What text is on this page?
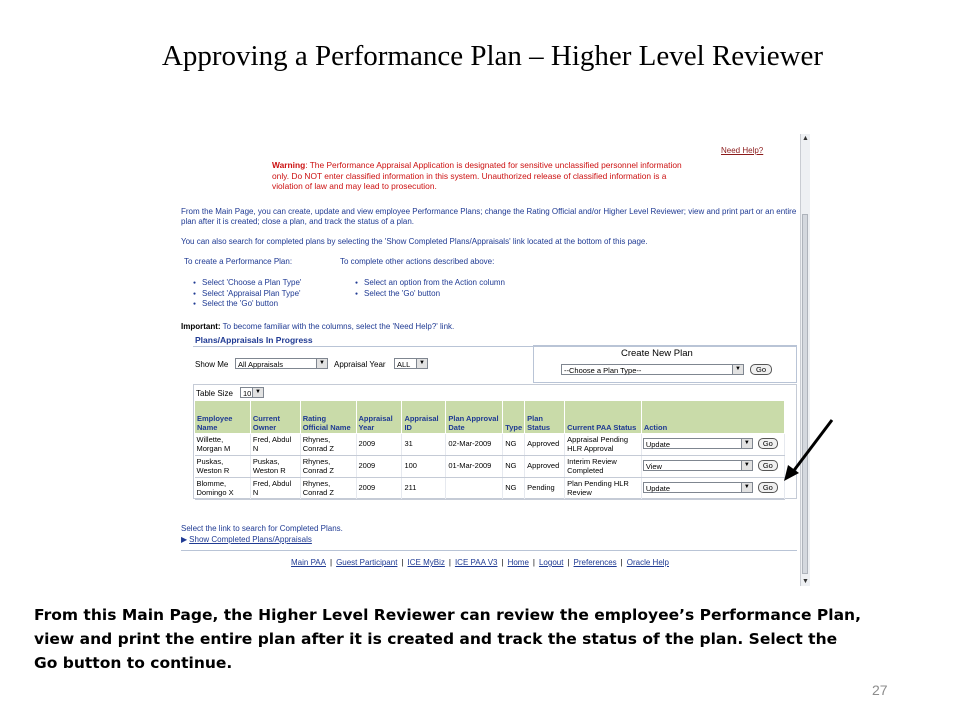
Approving a Performance Plan – Higher Level Reviewer
Need Help?
Warning: The Performance Appraisal Application is designated for sensitive unclassified personnel information only. Do NOT enter classified information in this system. Unauthorized release of classified information is a violation of law and may lead to prosecution.
From the Main Page, you can create, update and view employee Performance Plans; change the Rating Official and/or Higher Level Reviewer; view and print part or an entire plan after it is created; close a plan, and track the status of a plan.
You can also search for completed plans by selecting the 'Show Completed Plans/Appraisals' link located at the bottom of this page.
To create a Performance Plan:	To complete other actions described above:
● Select 'Choose a Plan Type'
● Select 'Appraisal Plan Type'
● Select the 'Go' button
● Select an option from the Action column
● Select the 'Go' button
Important: To become familiar with the columns, select the 'Need Help?' link.
Plans/Appraisals In Progress
Show Me	All Appraisals	▼ Appraisal Year	ALL	▼
Create New Plan
--Choose a Plan Type--	▼	Go
Table Size	10 ▼
Employee Name	Current Owner	Rating Official Name	Appraisal Year	Appraisal ID	Plan Approval Date	Type	Plan Status	Current PAA Status	Action
Willette, Morgan M	Fred, Abdul N	Rhynes, Conrad Z	2009	31	02-Mar-2009	NG	Approved	Appraisal Pending HLR Approval	Update ▼ Go

Puskas, Weston R	Puskas, Weston R	Rhynes, Conrad Z	2009	100	01-Mar-2009	NG	Approved	Interim Review Completed	View ▼ Go

Blomme, Domingo X	Fred, Abdul N	Rhynes, Conrad Z	2009	211		NG	Pending	Plan Pending HLR Review	Update ▼ Go
Select the link to search for Completed Plans.
▶ Show Completed Plans/Appraisals
Main PAA | Guest Participant | ICE MyBiz | ICE PAA V3 | Home | Logout | Preferences | Oracle Help
▲
▼
From this Main Page, the Higher Level Reviewer can review the employee’s Performance Plan, view and print the entire plan after it is created and track the status of the plan. Select the Go button to continue.
27
